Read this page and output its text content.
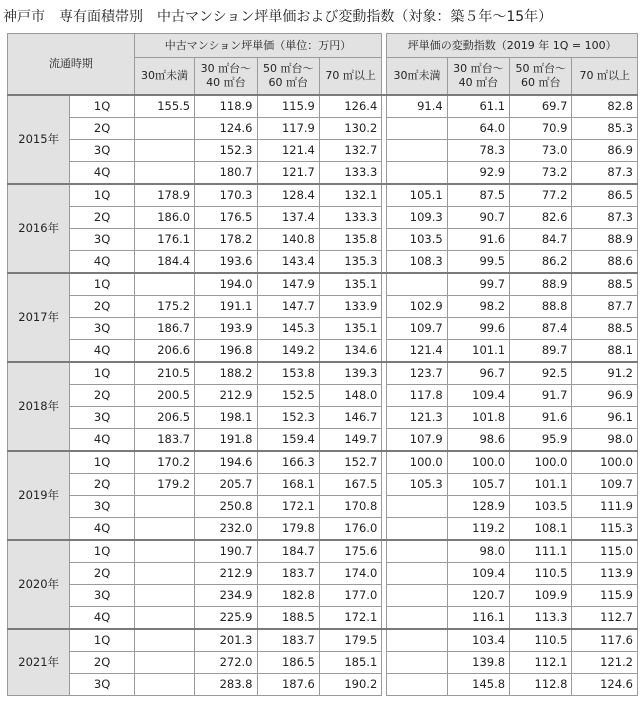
神戸市　専有面積帯別　中古マンション坪単価および変動指数（対象：築５年～15年）
流通時期		中古マンション坪単価（単位：万円）					坪単価の変動指数（2019 年 1Q = 100）			
		30㎡未満	30 ㎡台～
40 ㎡台	50 ㎡台～
60 ㎡台	70 ㎡以上		30㎡未満	30 ㎡台～
40 ㎡台	50 ㎡台～
60 ㎡台	70 ㎡以上

2015年	1Q	155.5	118.9	115.9	126.4		91.4	61.1	69.7	82.8
	2Q		124.6	117.9	130.2			64.0	70.9	85.3
	3Q		152.3	121.4	132.7			78.3	73.0	86.9
	4Q		180.7	121.7	133.3			92.9	73.2	87.3
2016年	1Q	178.9	170.3	128.4	132.1		105.1	87.5	77.2	86.5
	2Q	186.0	176.5	137.4	133.3		109.3	90.7	82.6	87.3
	3Q	176.1	178.2	140.8	135.8		103.5	91.6	84.7	88.9
	4Q	184.4	193.6	143.4	135.3		108.3	99.5	86.2	88.6
2017年	1Q		194.0	147.9	135.1			99.7	88.9	88.5
	2Q	175.2	191.1	147.7	133.9		102.9	98.2	88.8	87.7
	3Q	186.7	193.9	145.3	135.1		109.7	99.6	87.4	88.5
	4Q	206.6	196.8	149.2	134.6		121.4	101.1	89.7	88.1
2018年	1Q	210.5	188.2	153.8	139.3		123.7	96.7	92.5	91.2
	2Q	200.5	212.9	152.5	148.0		117.8	109.4	91.7	96.9
	3Q	206.5	198.1	152.3	146.7		121.3	101.8	91.6	96.1
	4Q	183.7	191.8	159.4	149.7		107.9	98.6	95.9	98.0
2019年	1Q	170.2	194.6	166.3	152.7		100.0	100.0	100.0	100.0
	2Q	179.2	205.7	168.1	167.5		105.3	105.7	101.1	109.7
	3Q		250.8	172.1	170.8			128.9	103.5	111.9
	4Q		232.0	179.8	176.0			119.2	108.1	115.3
2020年	1Q		190.7	184.7	175.6			98.0	111.1	115.0
	2Q		212.9	183.7	174.0			109.4	110.5	113.9
	3Q		234.9	182.8	177.0			120.7	109.9	115.9
	4Q		225.9	188.5	172.1			116.1	113.3	112.7
2021年	1Q		201.3	183.7	179.5			103.4	110.5	117.6
	2Q		272.0	186.5	185.1			139.8	112.1	121.2
	3Q		283.8	187.6	190.2			145.8	112.8	124.6
